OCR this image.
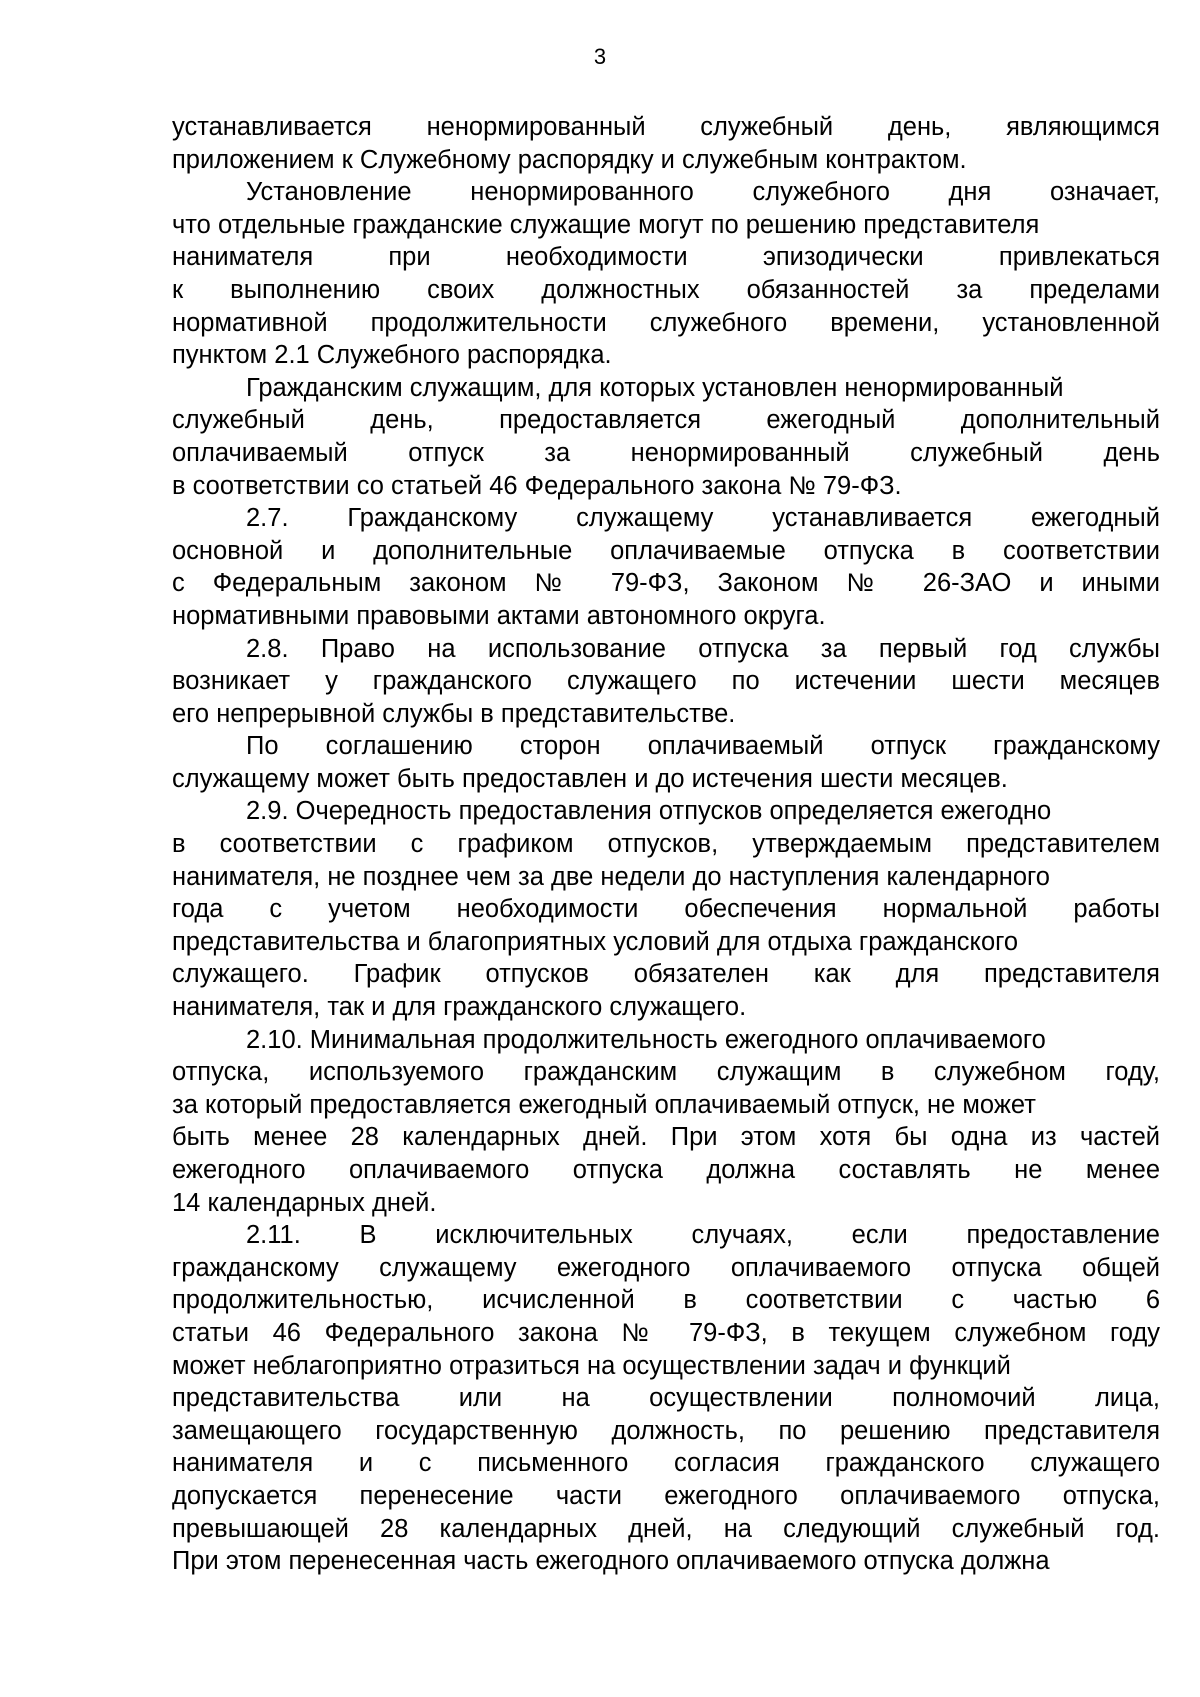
3
устанавливается ненормированный служебный день, являющимся
приложением к Служебному распорядку и служебным контрактом.
Установление ненормированного служебного дня означает,
что отдельные гражданские служащие могут по решению представителя
нанимателя при необходимости эпизодически привлекаться
к выполнению своих должностных обязанностей за пределами
нормативной продолжительности служебного времени, установленной
пунктом 2.1 Служебного распорядка.
Гражданским служащим, для которых установлен ненормированный
служебный день, предоставляется ежегодный дополнительный
оплачиваемый отпуск за ненормированный служебный день
в соответствии со статьей 46 Федерального закона № 79-ФЗ.
2.7. Гражданскому служащему устанавливается ежегодный
основной и дополнительные оплачиваемые отпуска в соответствии
с Федеральным законом № 79-ФЗ, Законом № 26-ЗАО и иными
нормативными правовыми актами автономного округа.
2.8. Право на использование отпуска за первый год службы
возникает у гражданского служащего по истечении шести месяцев
его непрерывной службы в представительстве.
По соглашению сторон оплачиваемый отпуск гражданскому
служащему может быть предоставлен и до истечения шести месяцев.
2.9. Очередность предоставления отпусков определяется ежегодно
в соответствии с графиком отпусков, утверждаемым представителем
нанимателя, не позднее чем за две недели до наступления календарного
года с учетом необходимости обеспечения нормальной работы
представительства и благоприятных условий для отдыха гражданского
служащего. График отпусков обязателен как для представителя
нанимателя, так и для гражданского служащего.
2.10. Минимальная продолжительность ежегодного оплачиваемого
отпуска, используемого гражданским служащим в служебном году,
за который предоставляется ежегодный оплачиваемый отпуск, не может
быть менее 28 календарных дней. При этом хотя бы одна из частей
ежегодного оплачиваемого отпуска должна составлять не менее
14 календарных дней.
2.11. В исключительных случаях, если предоставление
гражданскому служащему ежегодного оплачиваемого отпуска общей
продолжительностью, исчисленной в соответствии с частью 6
статьи 46 Федерального закона № 79-ФЗ, в текущем служебном году
может неблагоприятно отразиться на осуществлении задач и функций
представительства или на осуществлении полномочий лица,
замещающего государственную должность, по решению представителя
нанимателя и с письменного согласия гражданского служащего
допускается перенесение части ежегодного оплачиваемого отпуска,
превышающей 28 календарных дней, на следующий служебный год.
При этом перенесенная часть ежегодного оплачиваемого отпуска должна
